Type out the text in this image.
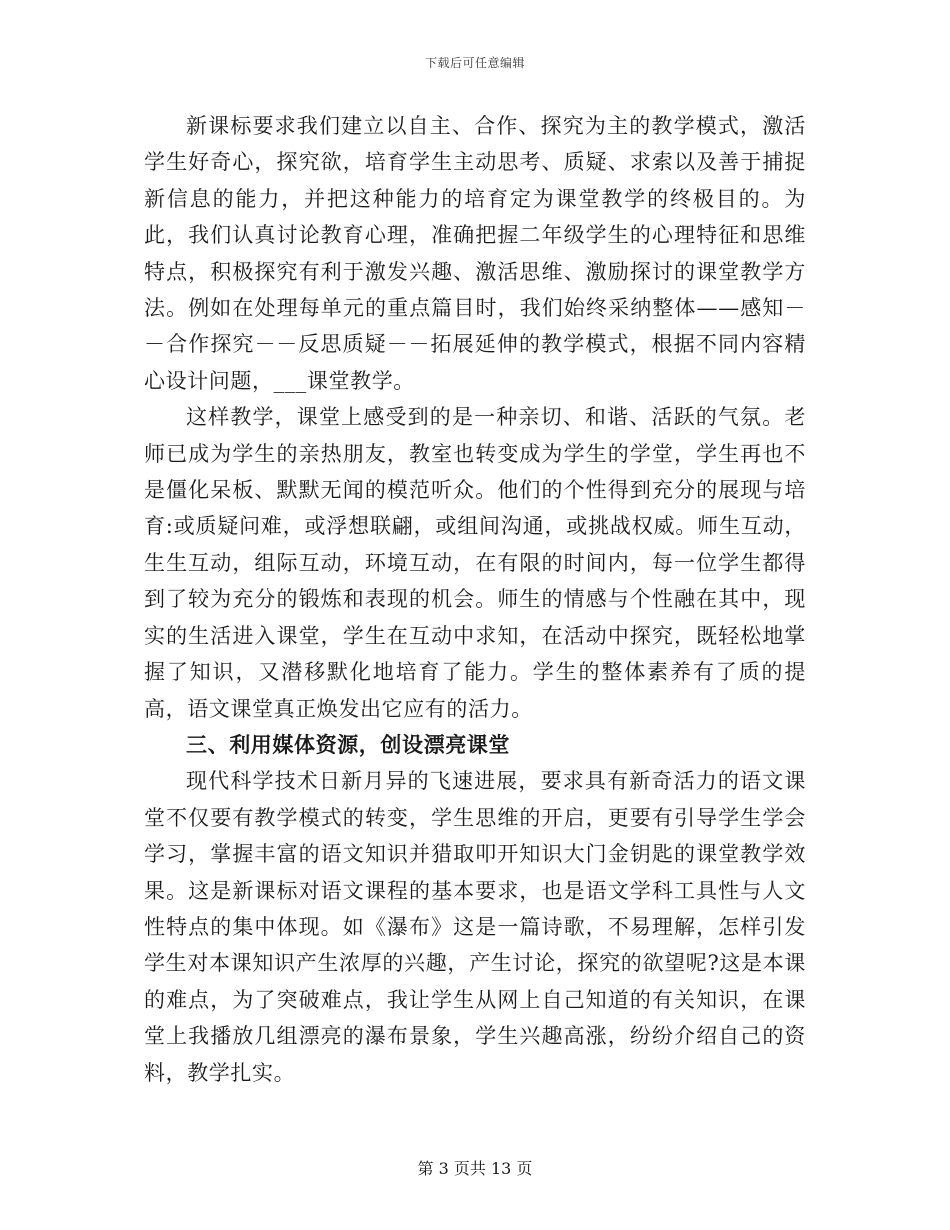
下载后可任意编辑

新课标要求我们建立以自主、合作、探究为主的教学模式，激活学生好奇心，探究欲，培育学生主动思考、质疑、求索以及善于捕捉新信息的能力，并把这种能力的培育定为课堂教学的终极目的。为此，我们认真讨论教育心理，准确把握二年级学生的心理特征和思维特点，积极探究有利于激发兴趣、激活思维、激励探讨的课堂教学方法。例如在处理每单元的重点篇目时，我们始终采纳整体——感知－－合作探究－－反思质疑－－拓展延伸的教学模式，根据不同内容精心设计问题，___课堂教学。

这样教学，课堂上感受到的是一种亲切、和谐、活跃的气氛。老师已成为学生的亲热朋友，教室也转变成为学生的学堂，学生再也不是僵化呆板、默默无闻的模范听众。他们的个性得到充分的展现与培育:或质疑问难，或浮想联翩，或组间沟通，或挑战权威。师生互动，生生互动，组际互动，环境互动，在有限的时间内，每一位学生都得到了较为充分的锻炼和表现的机会。师生的情感与个性融在其中，现实的生活进入课堂，学生在互动中求知，在活动中探究，既轻松地掌握了知识，又潜移默化地培育了能力。学生的整体素养有了质的提高，语文课堂真正焕发出它应有的活力。

三、利用媒体资源，创设漂亮课堂

现代科学技术日新月异的飞速进展，要求具有新奇活力的语文课堂不仅要有教学模式的转变，学生思维的开启，更要有引导学生学会学习，掌握丰富的语文知识并猎取叩开知识大门金钥匙的课堂教学效果。这是新课标对语文课程的基本要求，也是语文学科工具性与人文性特点的集中体现。如《瀑布》这是一篇诗歌，不易理解，怎样引发学生对本课知识产生浓厚的兴趣，产生讨论，探究的欲望呢?这是本课的难点，为了突破难点，我让学生从网上自己知道的有关知识，在课堂上我播放几组漂亮的瀑布景象，学生兴趣高涨，纷纷介绍自己的资料，教学扎实。

第 3 页共 13 页
